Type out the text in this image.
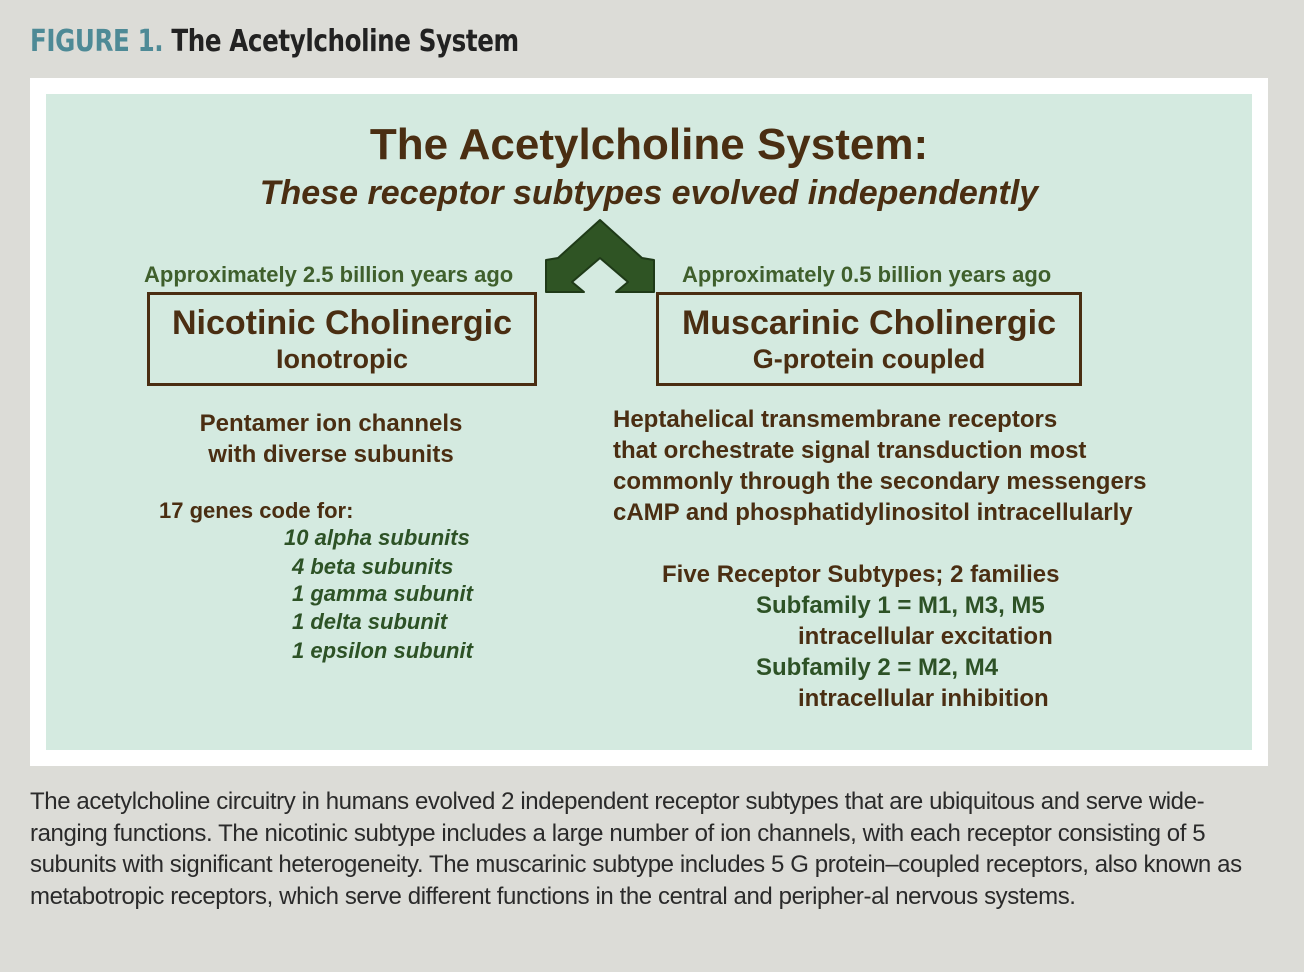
FIGURE 1. The Acetylcholine System
The Acetylcholine System:
These receptor subtypes evolved independently
Approximately 2.5 billion years ago
Nicotinic Cholinergic
Ionotropic
Pentamer ion channels
with diverse subunits
17 genes code for:
10 alpha subunits
4 beta subunits
1 gamma subunit
1 delta subunit
1 epsilon subunit
Approximately 0.5 billion years ago
Muscarinic Cholinergic
G-protein coupled
Heptahelical transmembrane receptors
that orchestrate signal transduction most
commonly through the secondary messengers
cAMP and phosphatidylinositol intracellularly
Five Receptor Subtypes; 2 families
Subfamily 1 = M1, M3, M5
intracellular excitation
Subfamily 2 = M2, M4
intracellular inhibition
The acetylcholine circuitry in humans evolved 2 independent receptor subtypes that are ubiquitous and serve wide-ranging functions. The nicotinic subtype includes a large number of ion channels, with each receptor consisting of 5 subunits with significant heterogeneity. The muscarinic subtype includes 5 G protein–coupled receptors, also known as metabotropic receptors, which serve different functions in the central and peripher-al nervous systems.
